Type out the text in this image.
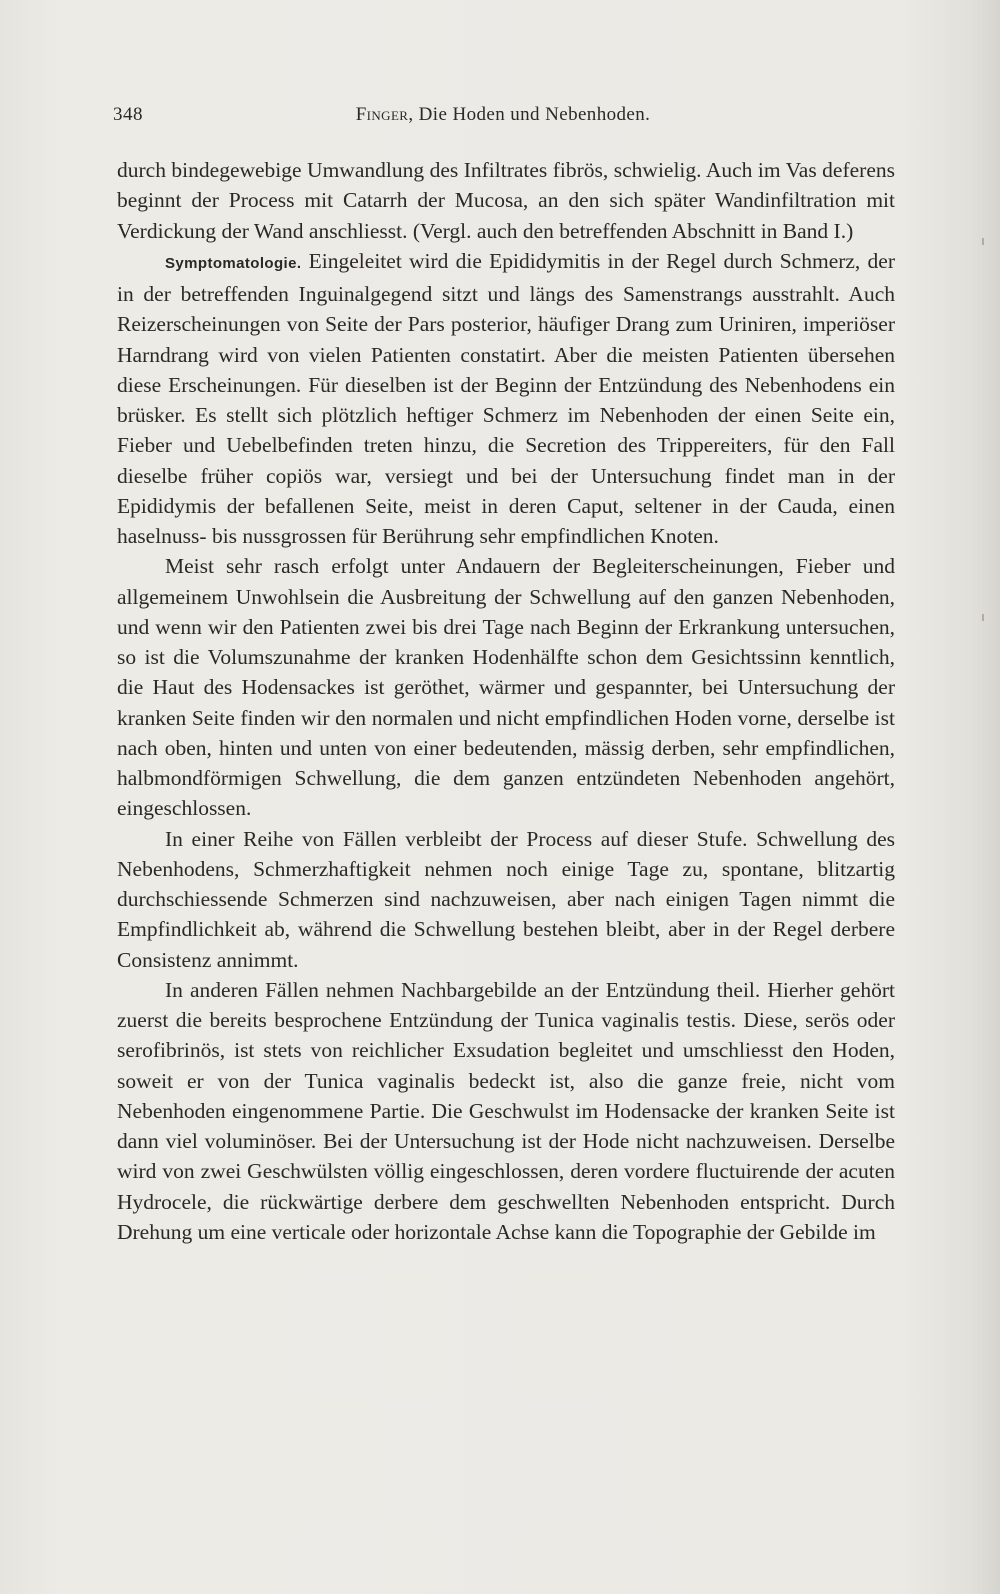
348	Finger, Die Hoden und Nebenhoden.

durch bindegewebige Umwandlung des Infiltrates fibrös, schwielig. Auch im Vas deferens beginnt der Process mit Catarrh der Mucosa, an den sich später Wandinfiltration mit Verdickung der Wand anschliesst. (Vergl. auch den betreffenden Abschnitt in Band I.)

Symptomatologie. Eingeleitet wird die Epididymitis in der Regel durch Schmerz, der in der betreffenden Inguinalgegend sitzt und längs des Samenstrangs ausstrahlt. Auch Reizerscheinungen von Seite der Pars posterior, häufiger Drang zum Uriniren, imperiöser Harndrang wird von vielen Patienten constatirt. Aber die meisten Patienten übersehen diese Erscheinungen. Für dieselben ist der Beginn der Entzündung des Nebenhodens ein brüsker. Es stellt sich plötzlich heftiger Schmerz im Nebenhoden der einen Seite ein, Fieber und Uebelbefinden treten hinzu, die Secretion des Trippereiters, für den Fall dieselbe früher copiös war, versiegt und bei der Untersuchung findet man in der Epididymis der befallenen Seite, meist in deren Caput, seltener in der Cauda, einen haselnuss- bis nussgrossen für Berührung sehr empfindlichen Knoten.

Meist sehr rasch erfolgt unter Andauern der Begleiterscheinungen, Fieber und allgemeinem Unwohlsein die Ausbreitung der Schwellung auf den ganzen Nebenhoden, und wenn wir den Patienten zwei bis drei Tage nach Beginn der Erkrankung untersuchen, so ist die Volumszunahme der kranken Hodenhälfte schon dem Gesichtssinn kenntlich, die Haut des Hodensackes ist geröthet, wärmer und gespannter, bei Untersuchung der kranken Seite finden wir den normalen und nicht empfindlichen Hoden vorne, derselbe ist nach oben, hinten und unten von einer bedeutenden, mässig derben, sehr empfindlichen, halbmondförmigen Schwellung, die dem ganzen entzündeten Nebenhoden angehört, eingeschlossen.

In einer Reihe von Fällen verbleibt der Process auf dieser Stufe. Schwellung des Nebenhodens, Schmerzhaftigkeit nehmen noch einige Tage zu, spontane, blitzartig durchschiessende Schmerzen sind nachzuweisen, aber nach einigen Tagen nimmt die Empfindlichkeit ab, während die Schwellung bestehen bleibt, aber in der Regel derbere Consistenz annimmt.

In anderen Fällen nehmen Nachbargebilde an der Entzündung theil. Hierher gehört zuerst die bereits besprochene Entzündung der Tunica vaginalis testis. Diese, serös oder serofibrinös, ist stets von reichlicher Exsudation begleitet und umschliesst den Hoden, soweit er von der Tunica vaginalis bedeckt ist, also die ganze freie, nicht vom Nebenhoden eingenommene Partie. Die Geschwulst im Hodensacke der kranken Seite ist dann viel voluminöser. Bei der Untersuchung ist der Hode nicht nachzuweisen. Derselbe wird von zwei Geschwülsten völlig eingeschlossen, deren vordere fluctuirende der acuten Hydrocele, die rückwärtige derbere dem geschwellten Nebenhoden entspricht. Durch Drehung um eine verticale oder horizontale Achse kann die Topographie der Gebilde im
